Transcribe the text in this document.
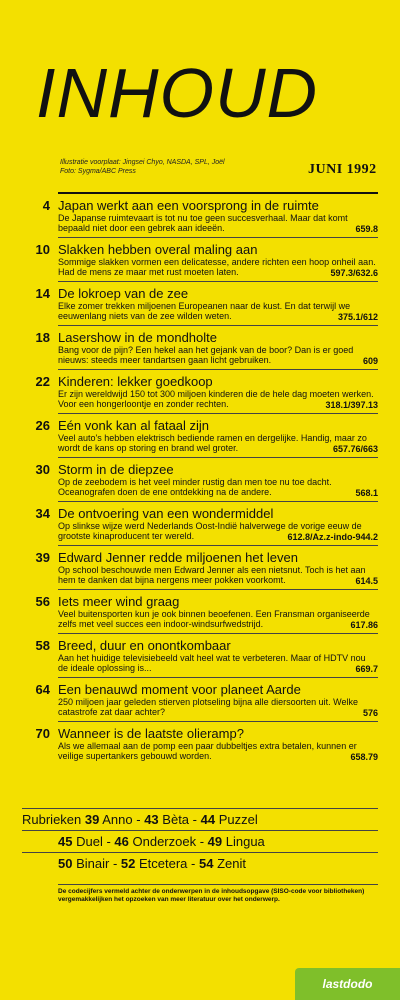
INHOUD
Illustratie voorplaat: Jingsei Chyo, NASDA, SPL, Joël
Foto: Sygma/ABC Press	JUNI 1992
4 Japan werkt aan een voorsprong in de ruimte
De Japanse ruimtevaart is tot nu toe geen succesverhaal. Maar dat komt bepaald niet door een gebrek aan ideeën.	659.8
10 Slakken hebben overal maling aan
Sommige slakken vormen een delicatesse, andere richten een hoop onheil aan. Had de mens ze maar met rust moeten laten.	597.3/632.6
14 De lokroep van de zee
Elke zomer trekken miljoenen Europeanen naar de kust. En dat terwijl we eeuwenlang niets van de zee wilden weten.	375.1/612
18 Lasershow in de mondholte
Bang voor de pijn? Een hekel aan het gejank van de boor? Dan is er goed nieuws: steeds meer tandartsen gaan licht gebruiken.	609
22 Kinderen: lekker goedkoop
Er zijn wereldwijd 150 tot 300 miljoen kinderen die de hele dag moeten werken. Voor een hongerloontje en zonder rechten.	318.1/397.13
26 Eén vonk kan al fataal zijn
Veel auto's hebben elektrisch bediende ramen en dergelijke. Handig, maar zo wordt de kans op storing en brand wel groter.	657.76/663
30 Storm in de diepzee
Op de zeebodem is het veel minder rustig dan men toe nu toe dacht. Oceanografen doen de ene ontdekking na de andere.	568.1
34 De ontvoering van een wondermiddel
Op slinkse wijze werd Nederlands Oost-Indië halverwege de vorige eeuw de grootste kinaproducent ter wereld.	612.8/Az.z-indo-944.2
39 Edward Jenner redde miljoenen het leven
Op school beschouwde men Edward Jenner als een nietsnut. Toch is het aan hem te danken dat bijna nergens meer pokken voorkomt.	614.5
56 Iets meer wind graag
Veel buitensporten kun je ook binnen beoefenen. Een Fransman organiseerde zelfs met veel succes een indoor-windsurfwedstrijd.	617.86
58 Breed, duur en onontkombaar
Aan het huidige televisiebeeld valt heel wat te verbeteren. Maar of HDTV nou de ideale oplossing is...	669.7
64 Een benauwd moment voor planeet Aarde
250 miljoen jaar geleden stierven plotseling bijna alle diersoorten uit. Welke catastrofe zat daar achter?	576
70 Wanneer is de laatste olieramp?
Als we allemaal aan de pomp een paar dubbeltjes extra betalen, kunnen er veilige supertankers gebouwd worden.	658.79
Rubrieken 39 Anno - 43 Bèta - 44 Puzzel
45 Duel - 46 Onderzoek - 49 Lingua
50 Binair - 52 Etcetera - 54 Zenit
De codecijfers vermeld achter de onderwerpen in de inhoudsopgave (SISO-code voor bibliotheken) vergemakkelijken het opzoeken van meer literatuur over het onderwerp.
lastdodo
